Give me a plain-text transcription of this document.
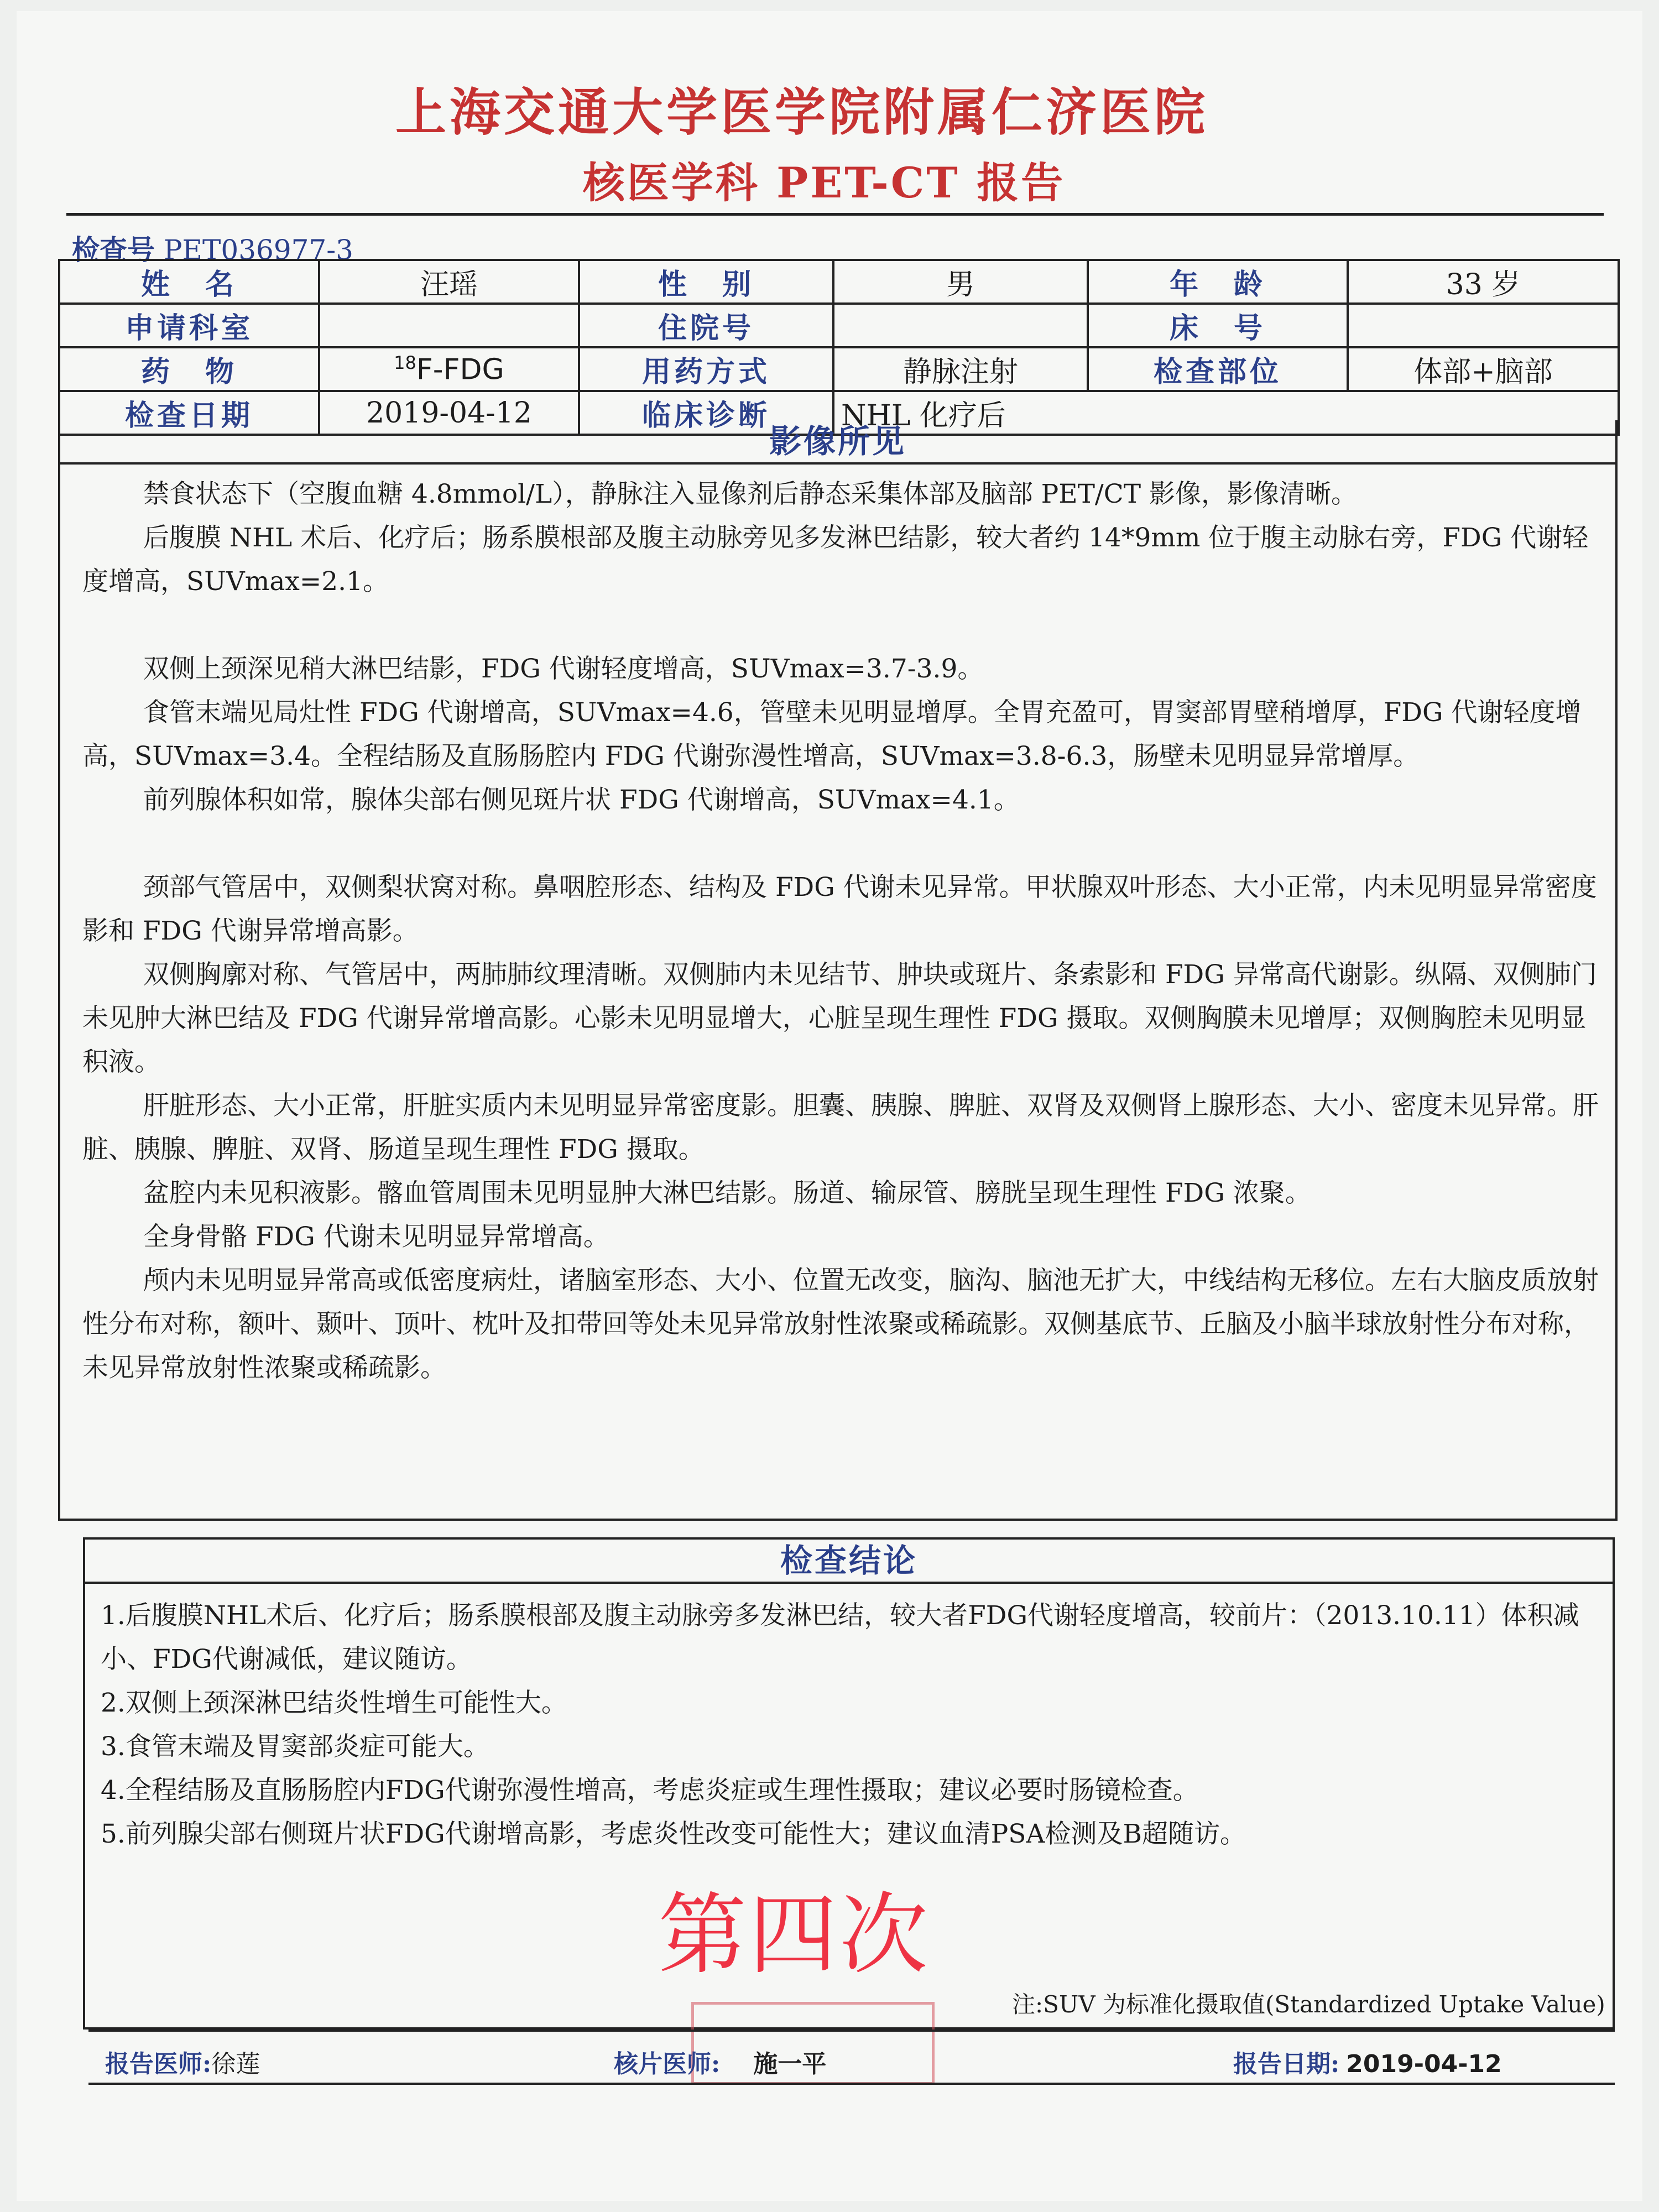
上海交通大学医学院附属仁济医院
核医学科 PET-CT 报告
检查号 PET036977-3
姓　名	汪瑶	性　别	男	年　龄	33 岁
申请科室		住院号		床　号	
药　物	$^{18}$F-FDG	用药方式	静脉注射	检查部位	体部+脑部
检查日期	2019-04-12	临床诊断	NHL 化疗后		
影像所见

禁食状态下（空腹血糖 4.8mmol/L），静脉注入显像剂后静态采集体部及脑部 PET/CT 影像，影像清晰。

后腹膜 NHL 术后、化疗后；肠系膜根部及腹主动脉旁见多发淋巴结影，较大者约 14*9mm 位于腹主动脉右旁，FDG 代谢轻度增高，SUVmax=2.1。

双侧上颈深见稍大淋巴结影，FDG 代谢轻度增高，SUVmax=3.7-3.9。

食管末端见局灶性 FDG 代谢增高，SUVmax=4.6，管壁未见明显增厚。全胃充盈可，胃窦部胃壁稍增厚，FDG 代谢轻度增高，SUVmax=3.4。全程结肠及直肠肠腔内 FDG 代谢弥漫性增高，SUVmax=3.8-6.3，肠壁未见明显异常增厚。

前列腺体积如常，腺体尖部右侧见斑片状 FDG 代谢增高，SUVmax=4.1。

颈部气管居中，双侧梨状窝对称。鼻咽腔形态、结构及 FDG 代谢未见异常。甲状腺双叶形态、大小正常，内未见明显异常密度影和 FDG 代谢异常增高影。

双侧胸廓对称、气管居中，两肺肺纹理清晰。双侧肺内未见结节、肿块或斑片、条索影和 FDG 异常高代谢影。纵隔、双侧肺门未见肿大淋巴结及 FDG 代谢异常增高影。心影未见明显增大，心脏呈现生理性 FDG 摄取。双侧胸膜未见增厚；双侧胸腔未见明显积液。

肝脏形态、大小正常，肝脏实质内未见明显异常密度影。胆囊、胰腺、脾脏、双肾及双侧肾上腺形态、大小、密度未见异常。肝脏、胰腺、脾脏、双肾、肠道呈现生理性 FDG 摄取。

盆腔内未见积液影。髂血管周围未见明显肿大淋巴结影。肠道、输尿管、膀胱呈现生理性 FDG 浓聚。

全身骨骼 FDG 代谢未见明显异常增高。

颅内未见明显异常高或低密度病灶，诸脑室形态、大小、位置无改变，脑沟、脑池无扩大，中线结构无移位。左右大脑皮质放射性分布对称，额叶、颞叶、顶叶、枕叶及扣带回等处未见异常放射性浓聚或稀疏影。双侧基底节、丘脑及小脑半球放射性分布对称，未见异常放射性浓聚或稀疏影。

检查结论
1.后腹膜NHL术后、化疗后；肠系膜根部及腹主动脉旁多发淋巴结，较大者FDG代谢轻度增高，较前片：（2013.10.11）体积减小、FDG代谢减低，建议随访。
2.双侧上颈深淋巴结炎性增生可能性大。
3.食管末端及胃窦部炎症可能大。
4.全程结肠及直肠肠腔内FDG代谢弥漫性增高，考虑炎症或生理性摄取；建议必要时肠镜检查。
5.前列腺尖部右侧斑片状FDG代谢增高影，考虑炎性改变可能性大；建议血清PSA检测及B超随访。
第四次
注:SUV 为标准化摄取值(Standardized Uptake Value)
报告医师:徐莲	核片医师: 施一平	报告日期: 2019-04-12
